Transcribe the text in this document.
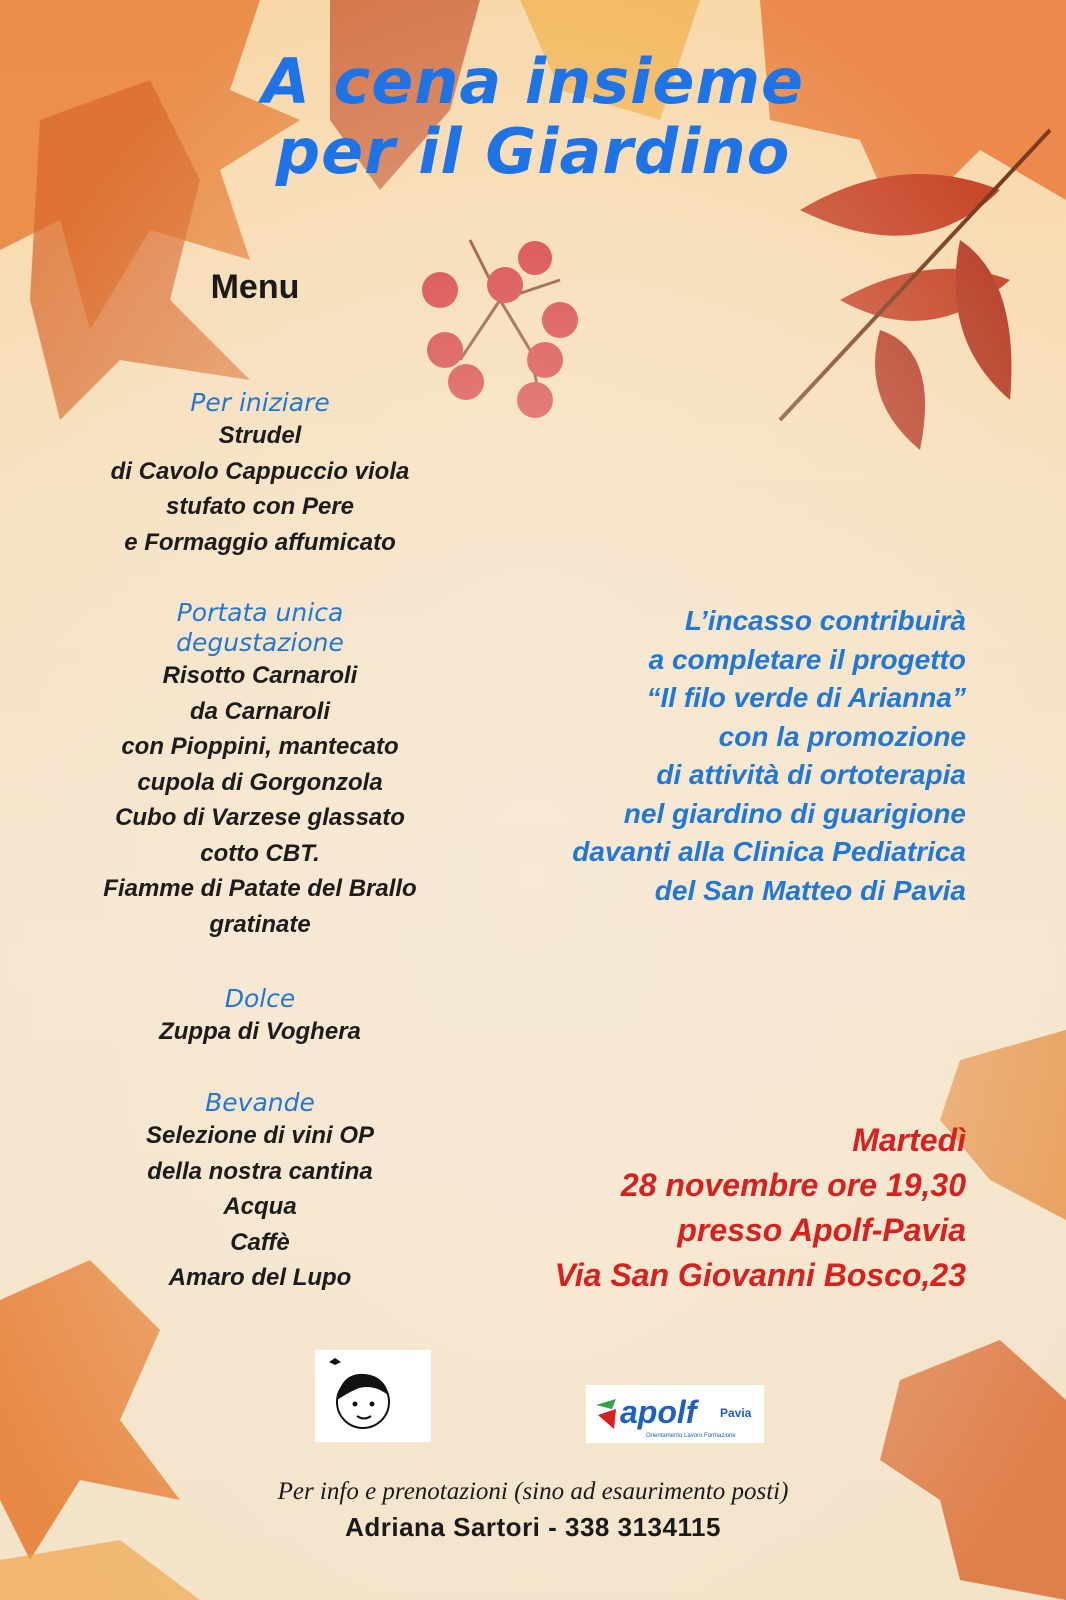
A cena insieme
per il Giardino
Menu
Per iniziare
Strudel
di Cavolo Cappuccio viola
stufato con Pere
e Formaggio affumicato
Portata unica
degustazione
Risotto Carnaroli
da Carnaroli
con Pioppini, mantecato
cupola di Gorgonzola
Cubo di Varzese glassato
cotto CBT.
Fiamme di Patate del Brallo
gratinate
Dolce
Zuppa di Voghera
Bevande
Selezione di vini OP
della nostra cantina
Acqua
Caffè
Amaro del Lupo
L’incasso contribuirà
a completare il progetto
“Il filo verde di Arianna”
con la promozione
di attività di ortoterapia
nel giardino di guarigione
davanti alla Clinica Pediatrica
del San Matteo di Pavia
Martedì
28 novembre ore 19,30
presso Apolf-Pavia
Via San Giovanni Bosco,23
apolf Pavia
Orientamento Lavoro Formazione
Per info e prenotazioni (sino ad esaurimento posti)
Adriana Sartori - 338 3134115
